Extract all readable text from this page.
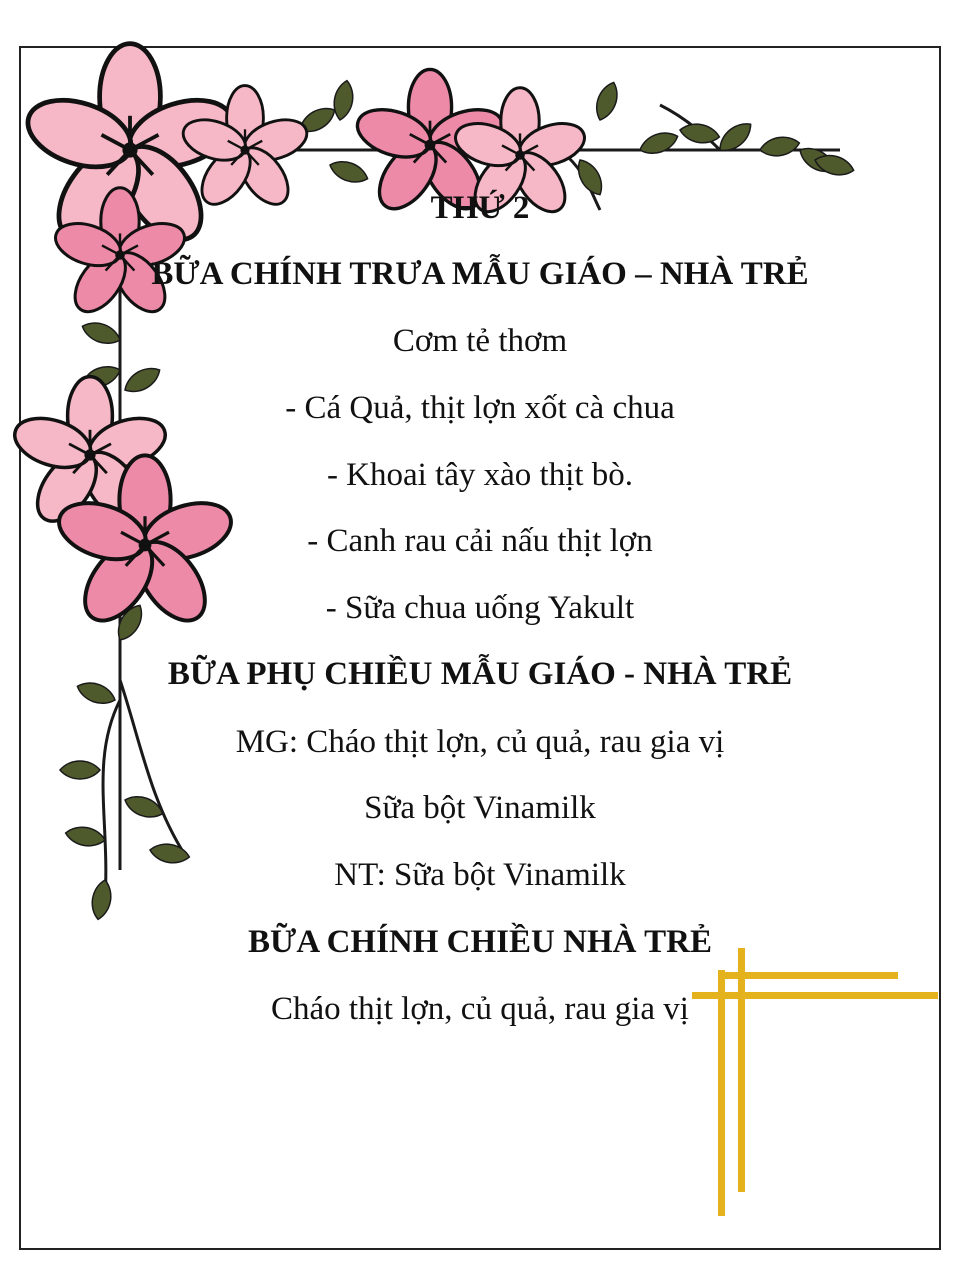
THỨ 2
BỮA CHÍNH TRƯA MẪU GIÁO – NHÀ TRẺ
Cơm tẻ thơm
- Cá Quả, thịt lợn xốt cà chua
- Khoai tây xào thịt bò.
- Canh rau cải nấu thịt lợn
- Sữa chua uống Yakult
BỮA PHỤ CHIỀU MẪU GIÁO - NHÀ TRẺ
MG: Cháo thịt lợn, củ quả, rau gia vị
Sữa bột Vinamilk
NT: Sữa bột Vinamilk
BỮA CHÍNH CHIỀU NHÀ TRẺ
Cháo thịt lợn, củ quả, rau gia vị
